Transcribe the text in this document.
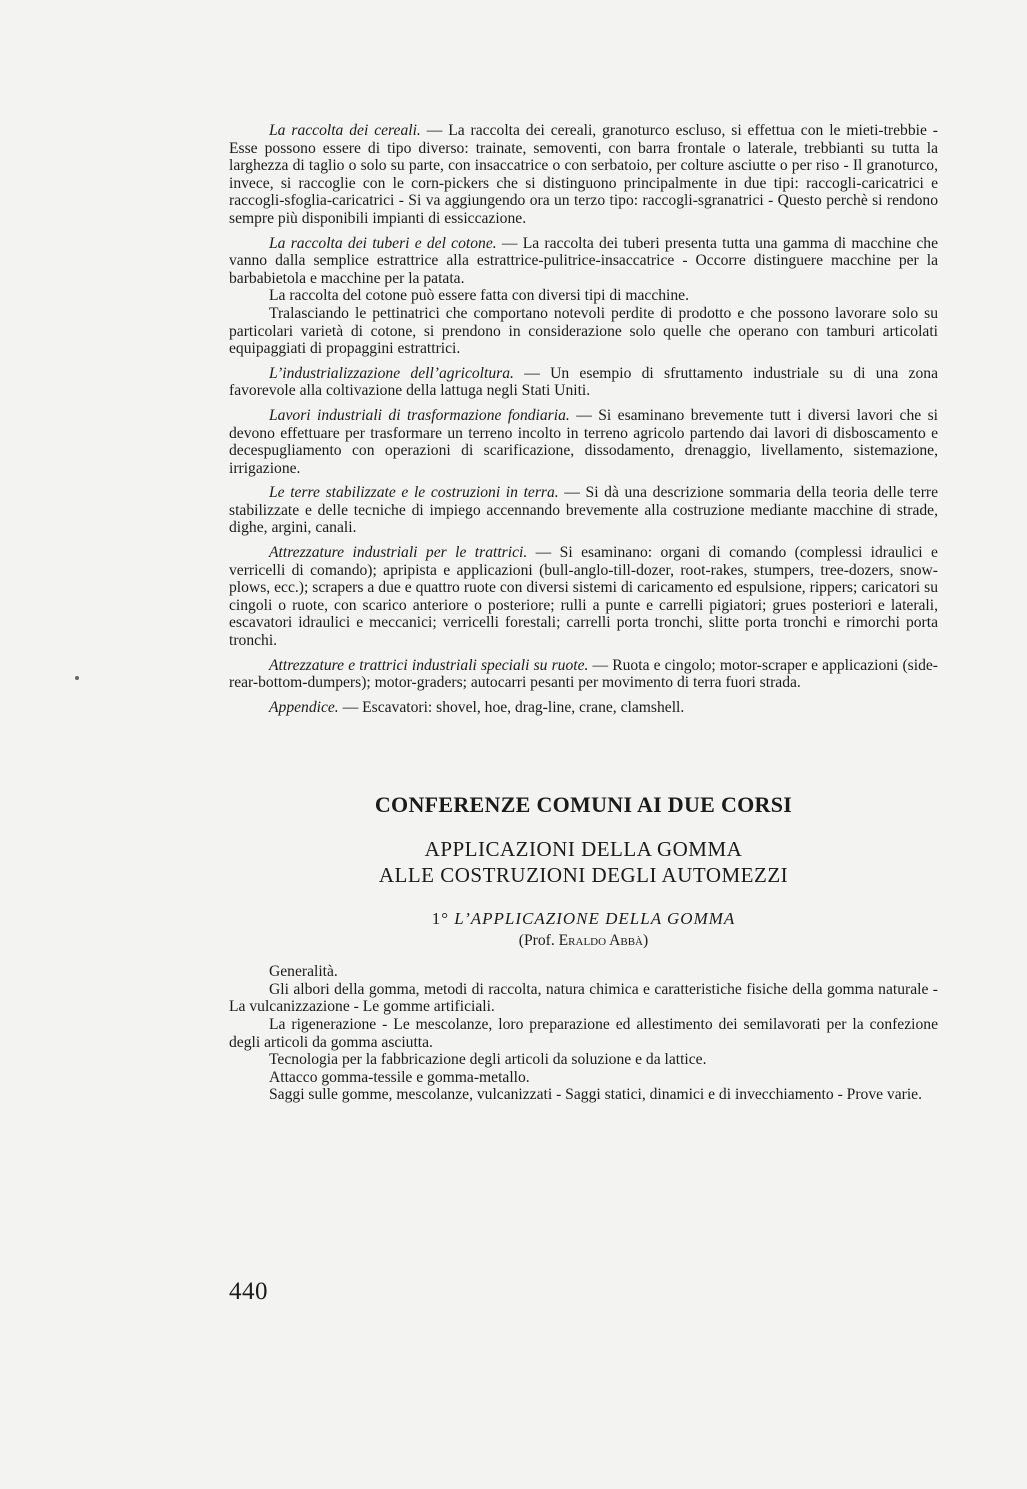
La raccolta dei cereali. — La raccolta dei cereali, granoturco escluso, si effettua con le mieti-trebbie - Esse possono essere di tipo diverso: trainate, semoventi, con barra frontale o laterale, trebbianti su tutta la larghezza di taglio o solo su parte, con insaccatrice o con serbatoio, per colture asciutte o per riso - Il granoturco, invece, si raccoglie con le corn-pickers che si distinguono principalmente in due tipi: raccogli-caricatrici e raccogli-sfoglia-caricatrici - Si va aggiungendo ora un terzo tipo: raccogli-sgranatrici - Questo perchè si rendono sempre più disponibili impianti di essiccazione.

La raccolta dei tuberi e del cotone. — La raccolta dei tuberi presenta tutta una gamma di macchine che vanno dalla semplice estrattrice alla estrattrice-pulitrice-insaccatrice - Occorre distinguere macchine per la barbabietola e macchine per la patata.

La raccolta del cotone può essere fatta con diversi tipi di macchine.

Tralasciando le pettinatrici che comportano notevoli perdite di prodotto e che possono lavorare solo su particolari varietà di cotone, si prendono in considerazione solo quelle che operano con tamburi articolati equipaggiati di propaggini estrattrici.

L’industrializzazione dell’agricoltura. — Un esempio di sfruttamento industriale su di una zona favorevole alla coltivazione della lattuga negli Stati Uniti.

Lavori industriali di trasformazione fondiaria. — Si esaminano brevemente tutt i diversi lavori che si devono effettuare per trasformare un terreno incolto in terreno agricolo partendo dai lavori di disboscamento e decespugliamento con operazioni di scarificazione, dissodamento, drenaggio, livellamento, sistemazione, irrigazione.

Le terre stabilizzate e le costruzioni in terra. — Si dà una descrizione sommaria della teoria delle terre stabilizzate e delle tecniche di impiego accennando brevemente alla costruzione mediante macchine di strade, dighe, argini, canali.

Attrezzature industriali per le trattrici. — Si esaminano: organi di comando (complessi idraulici e verricelli di comando); apripista e applicazioni (bull-anglo-till-dozer, root-rakes, stumpers, tree-dozers, snow-plows, ecc.); scrapers a due e quattro ruote con diversi sistemi di caricamento ed espulsione, rippers; caricatori su cingoli o ruote, con scarico anteriore o posteriore; rulli a punte e carrelli pigiatori; grues posteriori e laterali, escavatori idraulici e meccanici; verricelli forestali; carrelli porta tronchi, slitte porta tronchi e rimorchi porta tronchi.

Attrezzature e trattrici industriali speciali su ruote. — Ruota e cingolo; motor-scraper e applicazioni (side-rear-bottom-dumpers); motor-graders; autocarri pesanti per movimento di terra fuori strada.

Appendice. — Escavatori: shovel, hoe, drag-line, crane, clamshell.

CONFERENZE COMUNI AI DUE CORSI
APPLICAZIONI DELLA GOMMA
ALLE COSTRUZIONI DEGLI AUTOMEZZI
1° L’APPLICAZIONE DELLA GOMMA
(Prof. Eraldo Abbà)

Generalità.

Gli albori della gomma, metodi di raccolta, natura chimica e caratteristiche fisiche della gomma naturale - La vulcanizzazione - Le gomme artificiali.

La rigenerazione - Le mescolanze, loro preparazione ed allestimento dei semilavorati per la confezione degli articoli da gomma asciutta.

Tecnologia per la fabbricazione degli articoli da soluzione e da lattice.

Attacco gomma-tessile e gomma-metallo.

Saggi sulle gomme, mescolanze, vulcanizzati - Saggi statici, dinamici e di invecchiamento - Prove varie.

440
